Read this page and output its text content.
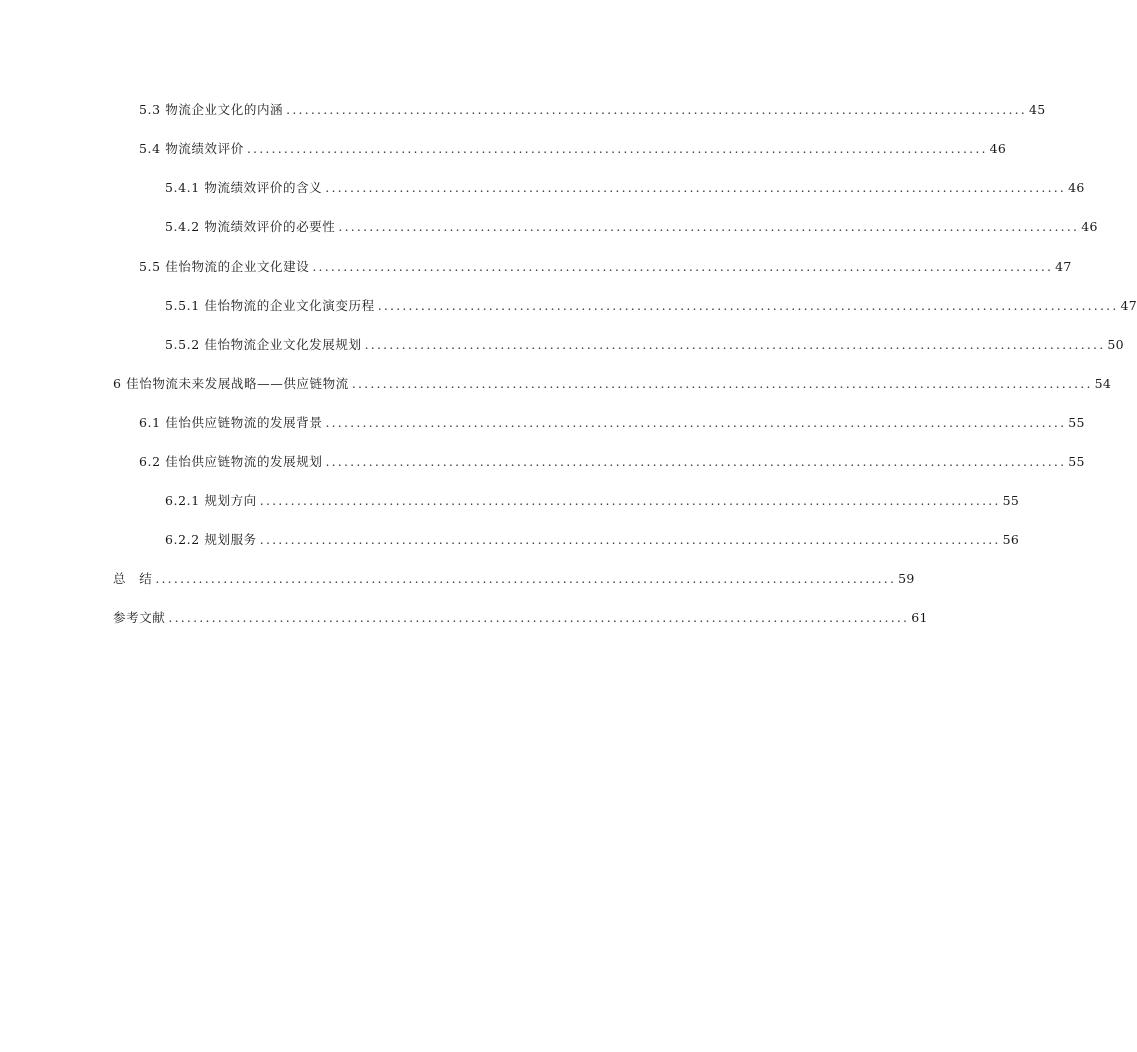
5.3 物流企业文化的内涵 ........................................................................................................................ 45
5.4 物流绩效评价 ........................................................................................................................ 46
5.4.1 物流绩效评价的含义 ........................................................................................................................ 46
5.4.2 物流绩效评价的必要性 ........................................................................................................................ 46
5.5 佳怡物流的企业文化建设 ........................................................................................................................ 47
5.5.1 佳怡物流的企业文化演变历程 ........................................................................................................................ 47
5.5.2 佳怡物流企业文化发展规划 ........................................................................................................................ 50
6 佳怡物流未来发展战略——供应链物流 ........................................................................................................................ 54
6.1 佳怡供应链物流的发展背景 ........................................................................................................................ 55
6.2 佳怡供应链物流的发展规划 ........................................................................................................................ 55
6.2.1 规划方向 ........................................................................................................................ 55
6.2.2 规划服务 ........................................................................................................................ 56
总　结 ........................................................................................................................ 59
参考文献 ........................................................................................................................ 61
